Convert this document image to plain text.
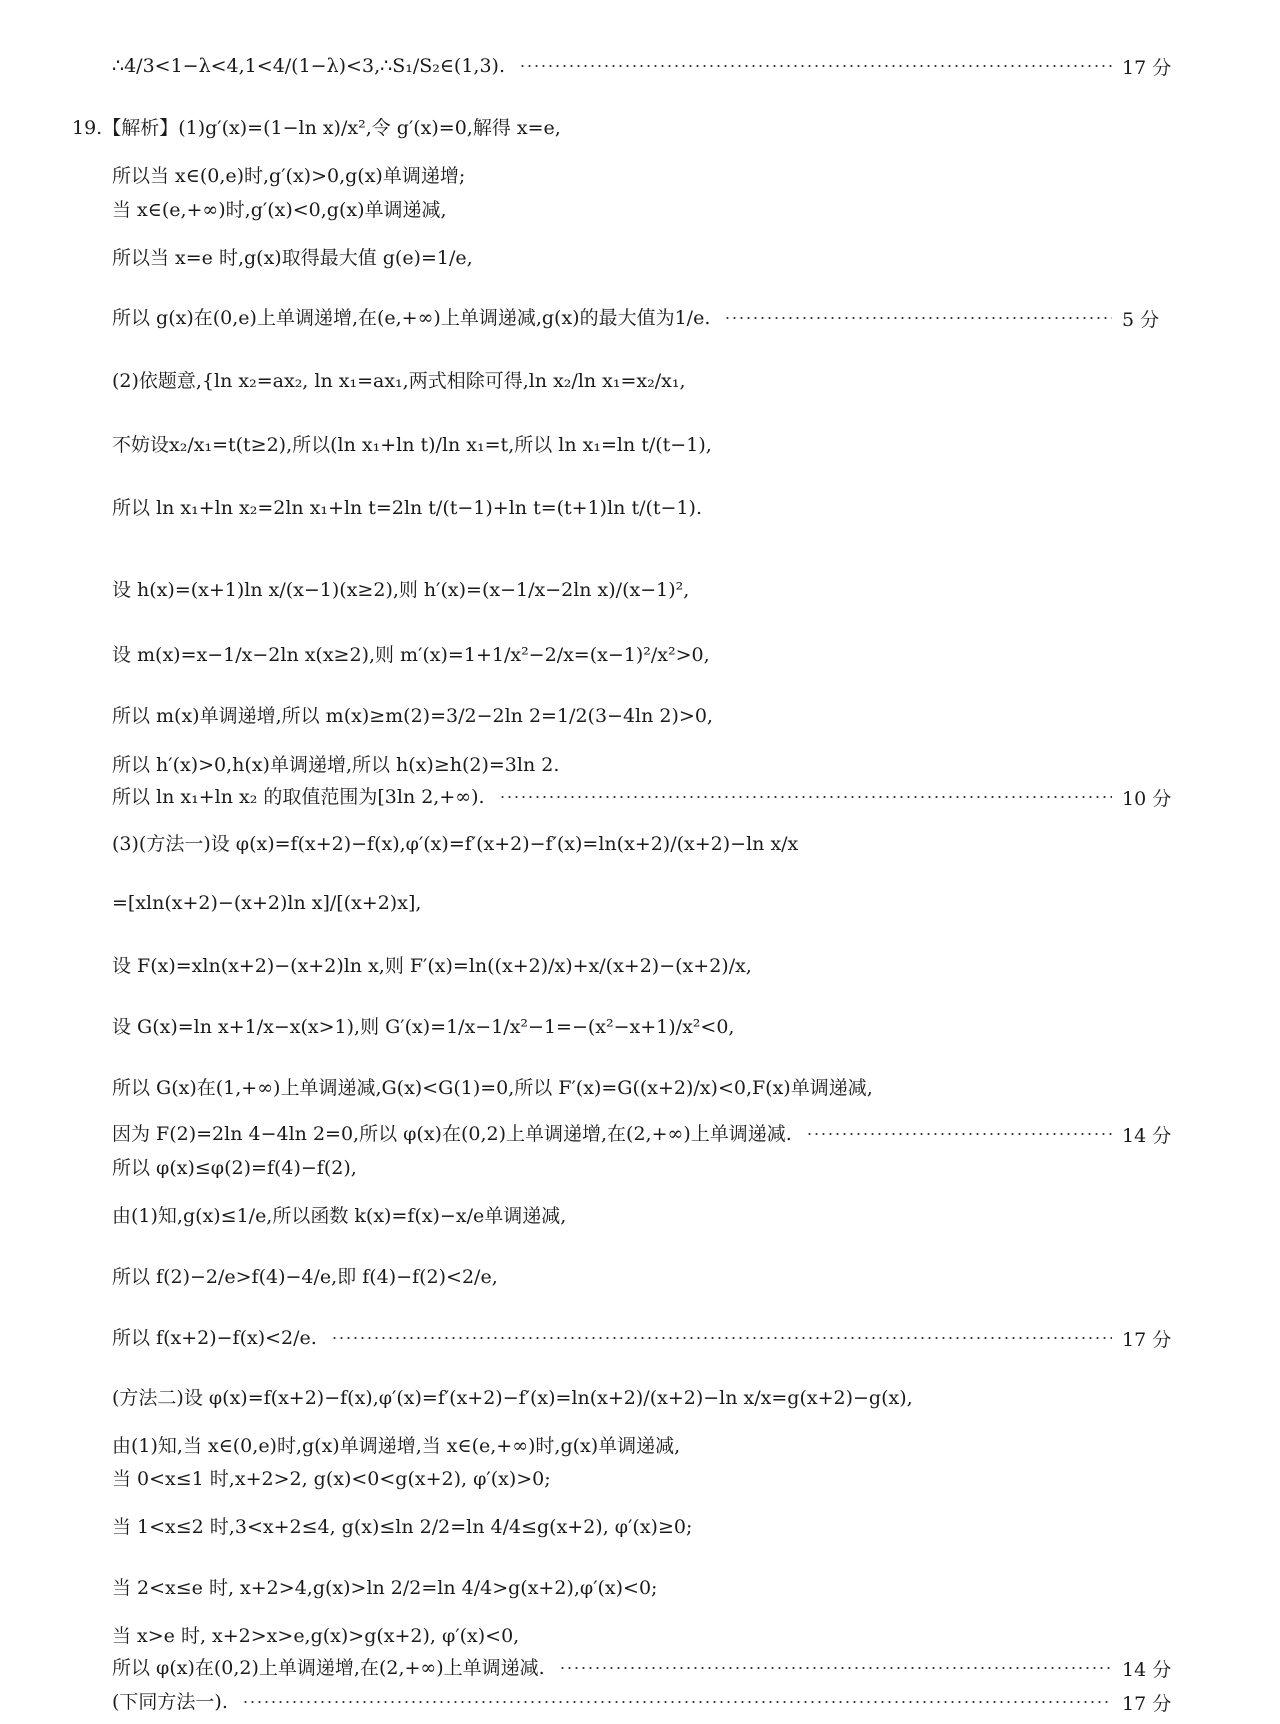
∴4/3<1−λ<4,1<4/(1−λ)<3,∴S₁/S₂∈(1,3).	17 分
19.【解析】(1)g′(x)=(1−ln x)/x²,令 g′(x)=0,解得 x=e,
所以当 x∈(0,e)时,g′(x)>0,g(x)单调递增;
当 x∈(e,+∞)时,g′(x)<0,g(x)单调递减,
所以当 x=e 时,g(x)取得最大值 g(e)=1/e,
所以 g(x)在(0,e)上单调递增,在(e,+∞)上单调递减,g(x)的最大值为1/e.	5 分
(2)依题意,{ln x₂=ax₂, ln x₁=ax₁,两式相除可得,ln x₂/ln x₁=x₂/x₁,
不妨设x₂/x₁=t(t≥2),所以(ln x₁+ln t)/ln x₁=t,所以 ln x₁=ln t/(t−1),
所以 ln x₁+ln x₂=2ln x₁+ln t=2ln t/(t−1)+ln t=(t+1)ln t/(t−1).
设 h(x)=(x+1)ln x/(x−1)(x≥2),则 h′(x)=(x−1/x−2ln x)/(x−1)²,
设 m(x)=x−1/x−2ln x(x≥2),则 m′(x)=1+1/x²−2/x=(x−1)²/x²>0,
所以 m(x)单调递增,所以 m(x)≥m(2)=3/2−2ln 2=1/2(3−4ln 2)>0,
所以 h′(x)>0,h(x)单调递增,所以 h(x)≥h(2)=3ln 2.
所以 ln x₁+ln x₂ 的取值范围为[3ln 2,+∞).	10 分
(3)(方法一)设 φ(x)=f(x+2)−f(x),φ′(x)=f′(x+2)−f′(x)=ln(x+2)/(x+2)−ln x/x
=[xln(x+2)−(x+2)ln x]/[(x+2)x],
设 F(x)=xln(x+2)−(x+2)ln x,则 F′(x)=ln((x+2)/x)+x/(x+2)−(x+2)/x,
设 G(x)=ln x+1/x−x(x>1),则 G′(x)=1/x−1/x²−1=−(x²−x+1)/x²<0,
所以 G(x)在(1,+∞)上单调递减,G(x)<G(1)=0,所以 F′(x)=G((x+2)/x)<0,F(x)单调递减,
因为 F(2)=2ln 4−4ln 2=0,所以 φ(x)在(0,2)上单调递增,在(2,+∞)上单调递减.	14 分
所以 φ(x)≤φ(2)=f(4)−f(2),
由(1)知,g(x)≤1/e,所以函数 k(x)=f(x)−x/e单调递减,
所以 f(2)−2/e>f(4)−4/e,即 f(4)−f(2)<2/e,
所以 f(x+2)−f(x)<2/e.	17 分
(方法二)设 φ(x)=f(x+2)−f(x),φ′(x)=f′(x+2)−f′(x)=ln(x+2)/(x+2)−ln x/x=g(x+2)−g(x),
由(1)知,当 x∈(0,e)时,g(x)单调递增,当 x∈(e,+∞)时,g(x)单调递减,
当 0<x≤1 时,x+2>2, g(x)<0<g(x+2), φ′(x)>0;
当 1<x≤2 时,3<x+2≤4, g(x)≤ln 2/2=ln 4/4≤g(x+2), φ′(x)≥0;
当 2<x≤e 时, x+2>4,g(x)>ln 2/2=ln 4/4>g(x+2),φ′(x)<0;
当 x>e 时, x+2>x>e,g(x)>g(x+2), φ′(x)<0,
所以 φ(x)在(0,2)上单调递增,在(2,+∞)上单调递减.	14 分
(下同方法一).	17 分
